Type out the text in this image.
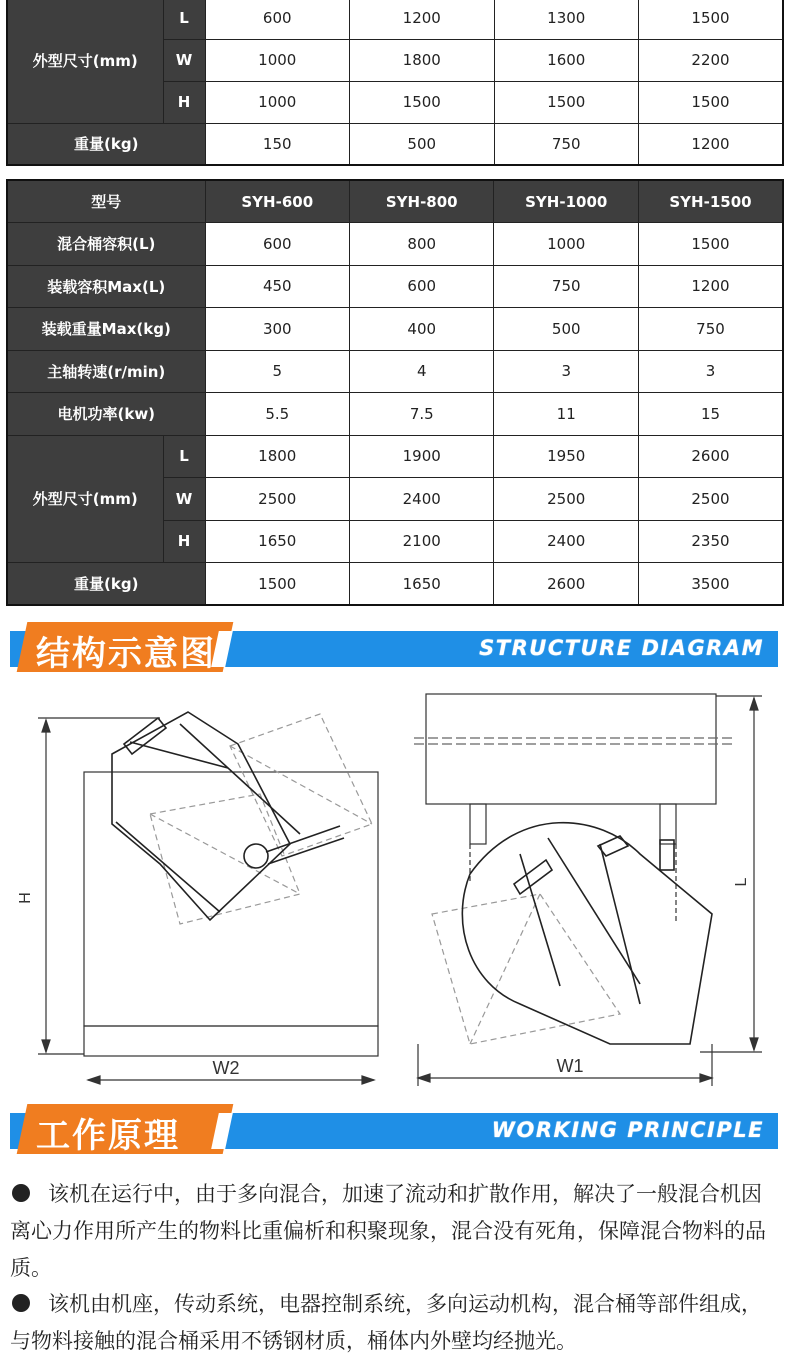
外型尺寸(mm)	L	600	1200	1300	1500
	W	1000	1800	1600	2200
	H	1000	1500	1500	1500
重量(kg)		150	500	750	1200
型号		SYH-600	SYH-800	SYH-1000	SYH-1500
混合桶容积(L)		600	800	1000	1500
装载容积Max(L)		450	600	750	1200
装载重量Max(kg)		300	400	500	750
主轴转速(r/min)		5	4	3	3
电机功率(kw)		5.5	7.5	11	15
外型尺寸(mm)	L	1800	1900	1950	2600
	W	2500	2400	2500	2500
	H	1650	2100	2400	2350
重量(kg)		1500	1650	2600	3500
结构示意图	STRUCTURE DIAGRAM
H
W2
L
W1
工作原理	WORKING PRINCIPLE
该机在运行中，由于多向混合，加速了流动和扩散作用，解决了一般混合机因离心力作用所产生的物料比重偏析和积聚现象，混合没有死角，保障混合物料的品质。
该机由机座，传动系统，电器控制系统，多向运动机构，混合桶等部件组成，与物料接触的混合桶采用不锈钢材质，桶体内外壁均经抛光。
